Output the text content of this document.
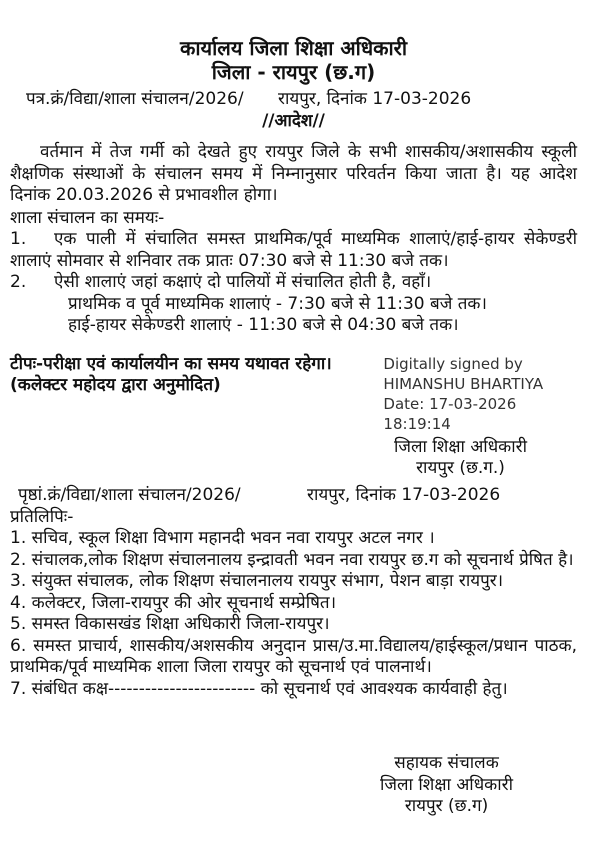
कार्यालय जिला शिक्षा अधिकारी
जिला - रायपुर (छ.ग)
पत्र.क्रं/विद्या/शाला संचालन/2026/ रायपुर, दिनांक 17-03-2026
//आदेश//
वर्तमान में तेज गर्मी को देखते हुए रायपुर जिले के सभी शासकीय/अशासकीय स्कूली शैक्षणिक संस्थाओं के संचालन समय में निम्नानुसार परिवर्तन किया जाता है। यह आदेश दिनांक 20.03.2026 से प्रभावशील होगा।
शाला संचालन का समयः-
1. एक पाली में संचालित समस्त प्राथमिक/पूर्व माध्यमिक शालाएं/हाई-हायर सेकेण्डरी शालाएं सोमवार से शनिवार तक प्रातः 07:30 बजे से 11:30 बजे तक।
2. ऐसी शालाएं जहां कक्षाएं दो पालियों में संचालित होती है, वहाँ।
प्राथमिक व पूर्व माध्यमिक शालाएं - 7:30 बजे से 11:30 बजे तक।
हाई-हायर सेकेण्डरी शालाएं - 11:30 बजे से 04:30 बजे तक।
टीपः-परीक्षा एवं कार्यालयीन का समय यथावत रहेगा।
(कलेक्टर महोदय द्वारा अनुमोदित)
Digitally signed by
HIMANSHU BHARTIYA
Date: 17-03-2026
18:19:14
जिला शिक्षा अधिकारी
रायपुर (छ.ग.)
पृष्ठां.क्रं/विद्या/शाला संचालन/2026/	रायपुर, दिनांक 17-03-2026
प्रतिलिपिः-
1. सचिव, स्कूल शिक्षा विभाग महानदी भवन नवा रायपुर अटल नगर ।
2. संचालक,लोक शिक्षण संचालनालय इन्द्रावती भवन नवा रायपुर छ.ग को सूचनार्थ प्रेषित है।
3. संयुक्त संचालक, लोक शिक्षण संचालनालय रायपुर संभाग, पेशन बाड़ा रायपुर।
4. कलेक्टर, जिला-रायपुर की ओर सूचनार्थ सम्प्रेषित।
5. समस्त विकासखंड शिक्षा अधिकारी जिला-रायपुर।
6. समस्त प्राचार्य, शासकीय/अशसकीय अनुदान प्रास/उ.मा.विद्यालय/हाईस्कूल/प्रधान पाठक, प्राथमिक/पूर्व माध्यमिक शाला जिला रायपुर को सूचनार्थ एवं पालनार्थ।
7. संबंधित कक्ष------------------------ को सूचनार्थ एवं आवश्यक कार्यवाही हेतु।
सहायक संचालक
जिला शिक्षा अधिकारी
रायपुर (छ.ग)
